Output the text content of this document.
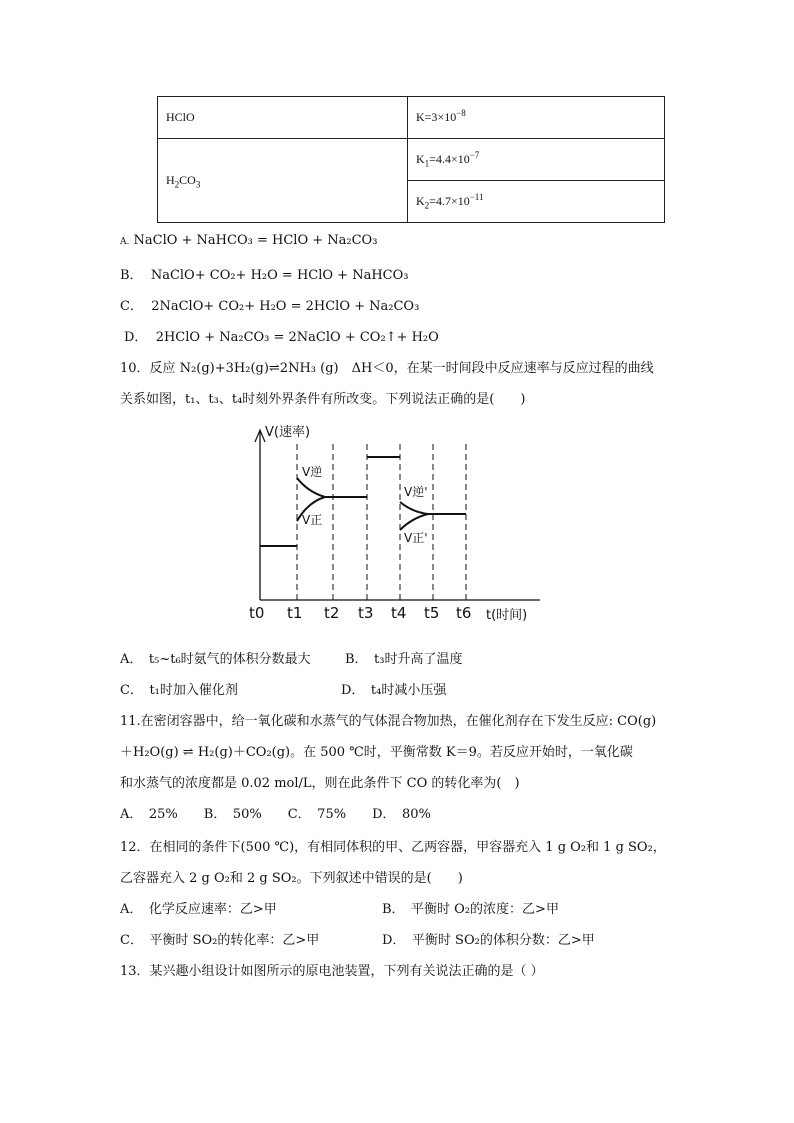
HClO	$K=3\times 10^{-8}$
$H_2CO_3$	$K_1=4.4\times 10^{-7}$
	$K_2=4.7\times 10^{-11}$
A. NaClO + NaHCO₃ = HClO + Na₂CO₃
B． NaClO+ CO₂+ H₂O = HClO + NaHCO₃
C． 2NaClO+ CO₂+ H₂O = 2HClO + Na₂CO₃
D． 2HClO + Na₂CO₃ = 2NaClO + CO₂↑+ H₂O
10．反应 N₂(g)+3H₂(g)⇌2NH₃ (g)　ΔH＜0，在某一时间段中反应速率与反应过程的曲线
关系如图，t₁、t₃、t₄时刻外界条件有所改变。下列说法正确的是(　　)
V(速率)
V逆
V正
V逆'
V正'
t0 t1 t2 t3 t4 t5 t6 t(时间)
A．　t₅~t₆时氨气的体积分数最大	B．　t₃时升高了温度
C．　t₁时加入催化剂	D．　t₄时减小压强
11.在密闭容器中，给一氧化碳和水蒸气的气体混合物加热，在催化剂存在下发生反应: CO(g)
＋H₂O(g) ⇌ H₂(g)＋CO₂(g)。在 500 ℃时，平衡常数 K＝9。若反应开始时，一氧化碳
和水蒸气的浓度都是 0.02 mol/L，则在此条件下 CO 的转化率为(　)
A．　25%　　B．　50%　　C．　75%　　D．　80%
12．在相同的条件下(500 ℃)，有相同体积的甲、乙两容器，甲容器充入 1 g O₂和 1 g SO₂，
乙容器充入 2 g O₂和 2 g SO₂。下列叙述中错误的是(　　)
A．　化学反应速率：乙>甲	B．　平衡时 O₂的浓度：乙>甲
C．　平衡时 SO₂的转化率：乙>甲	D．　平衡时 SO₂的体积分数：乙>甲
13．某兴趣小组设计如图所示的原电池装置，下列有关说法正确的是（ ）
